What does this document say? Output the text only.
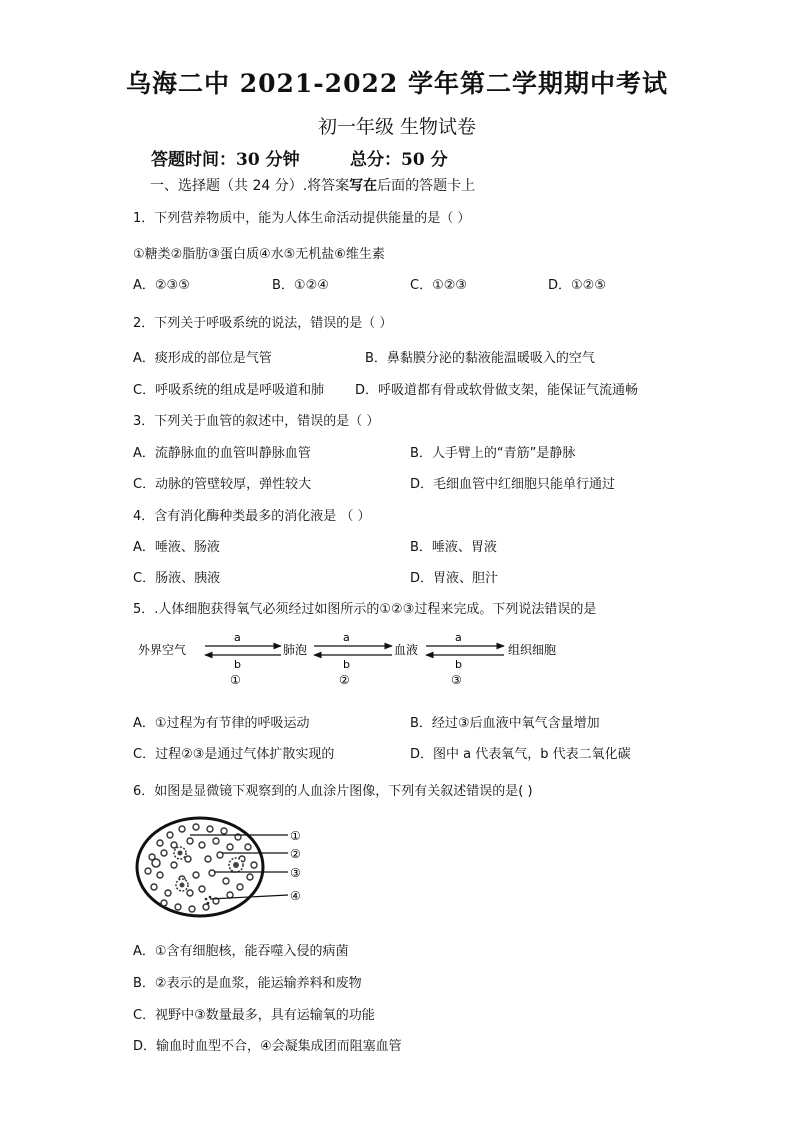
乌海二中 2021-2022 学年第二学期期中考试
初一年级 生物试卷
答题时间：30 分钟	总分：50 分
一、选择题（共 24 分）.将答案写在后面的答题卡上
1．下列营养物质中，能为人体生命活动提供能量的是（ ）
①糖类②脂肪③蛋白质④水⑤无机盐⑥维生素
A．②③⑤	B．①②④	C．①②③	D．①②⑤
2．下列关于呼吸系统的说法，错误的是（ ）
A．痰形成的部位是气管	B．鼻黏膜分泌的黏液能温暖吸入的空气
C．呼吸系统的组成是呼吸道和肺 D．呼吸道都有骨或软骨做支架，能保证气流通畅
3．下列关于血管的叙述中，错误的是（ ）
A．流静脉血的血管叫静脉血管	B．人手臂上的“青筋”是静脉
C．动脉的管壁较厚，弹性较大	D．毛细血管中红细胞只能单行通过
4．含有消化酶种类最多的消化液是 （ ）
A．唾液、肠液	B．唾液、胃液
C．肠液、胰液	D．胃液、胆汁
5．.人体细胞获得氧气必须经过如图所示的①②③过程来完成。下列说法错误的是
外界空气	肺泡	血液	组织细胞
a	a	a
b	b	b
①	②	③
A．①过程为有节律的呼吸运动	B．经过③后血液中氧气含量增加
C．过程②③是通过气体扩散实现的	D．图中 a 代表氧气，b 代表二氧化碳
6．如图是显微镜下观察到的人血涂片图像，下列有关叙述错误的是( )
①
②
③
④
A．①含有细胞核，能吞噬入侵的病菌
B．②表示的是血浆，能运输养料和废物
C．视野中③数量最多，具有运输氧的功能
D．输血时血型不合，④会凝集成团而阻塞血管
